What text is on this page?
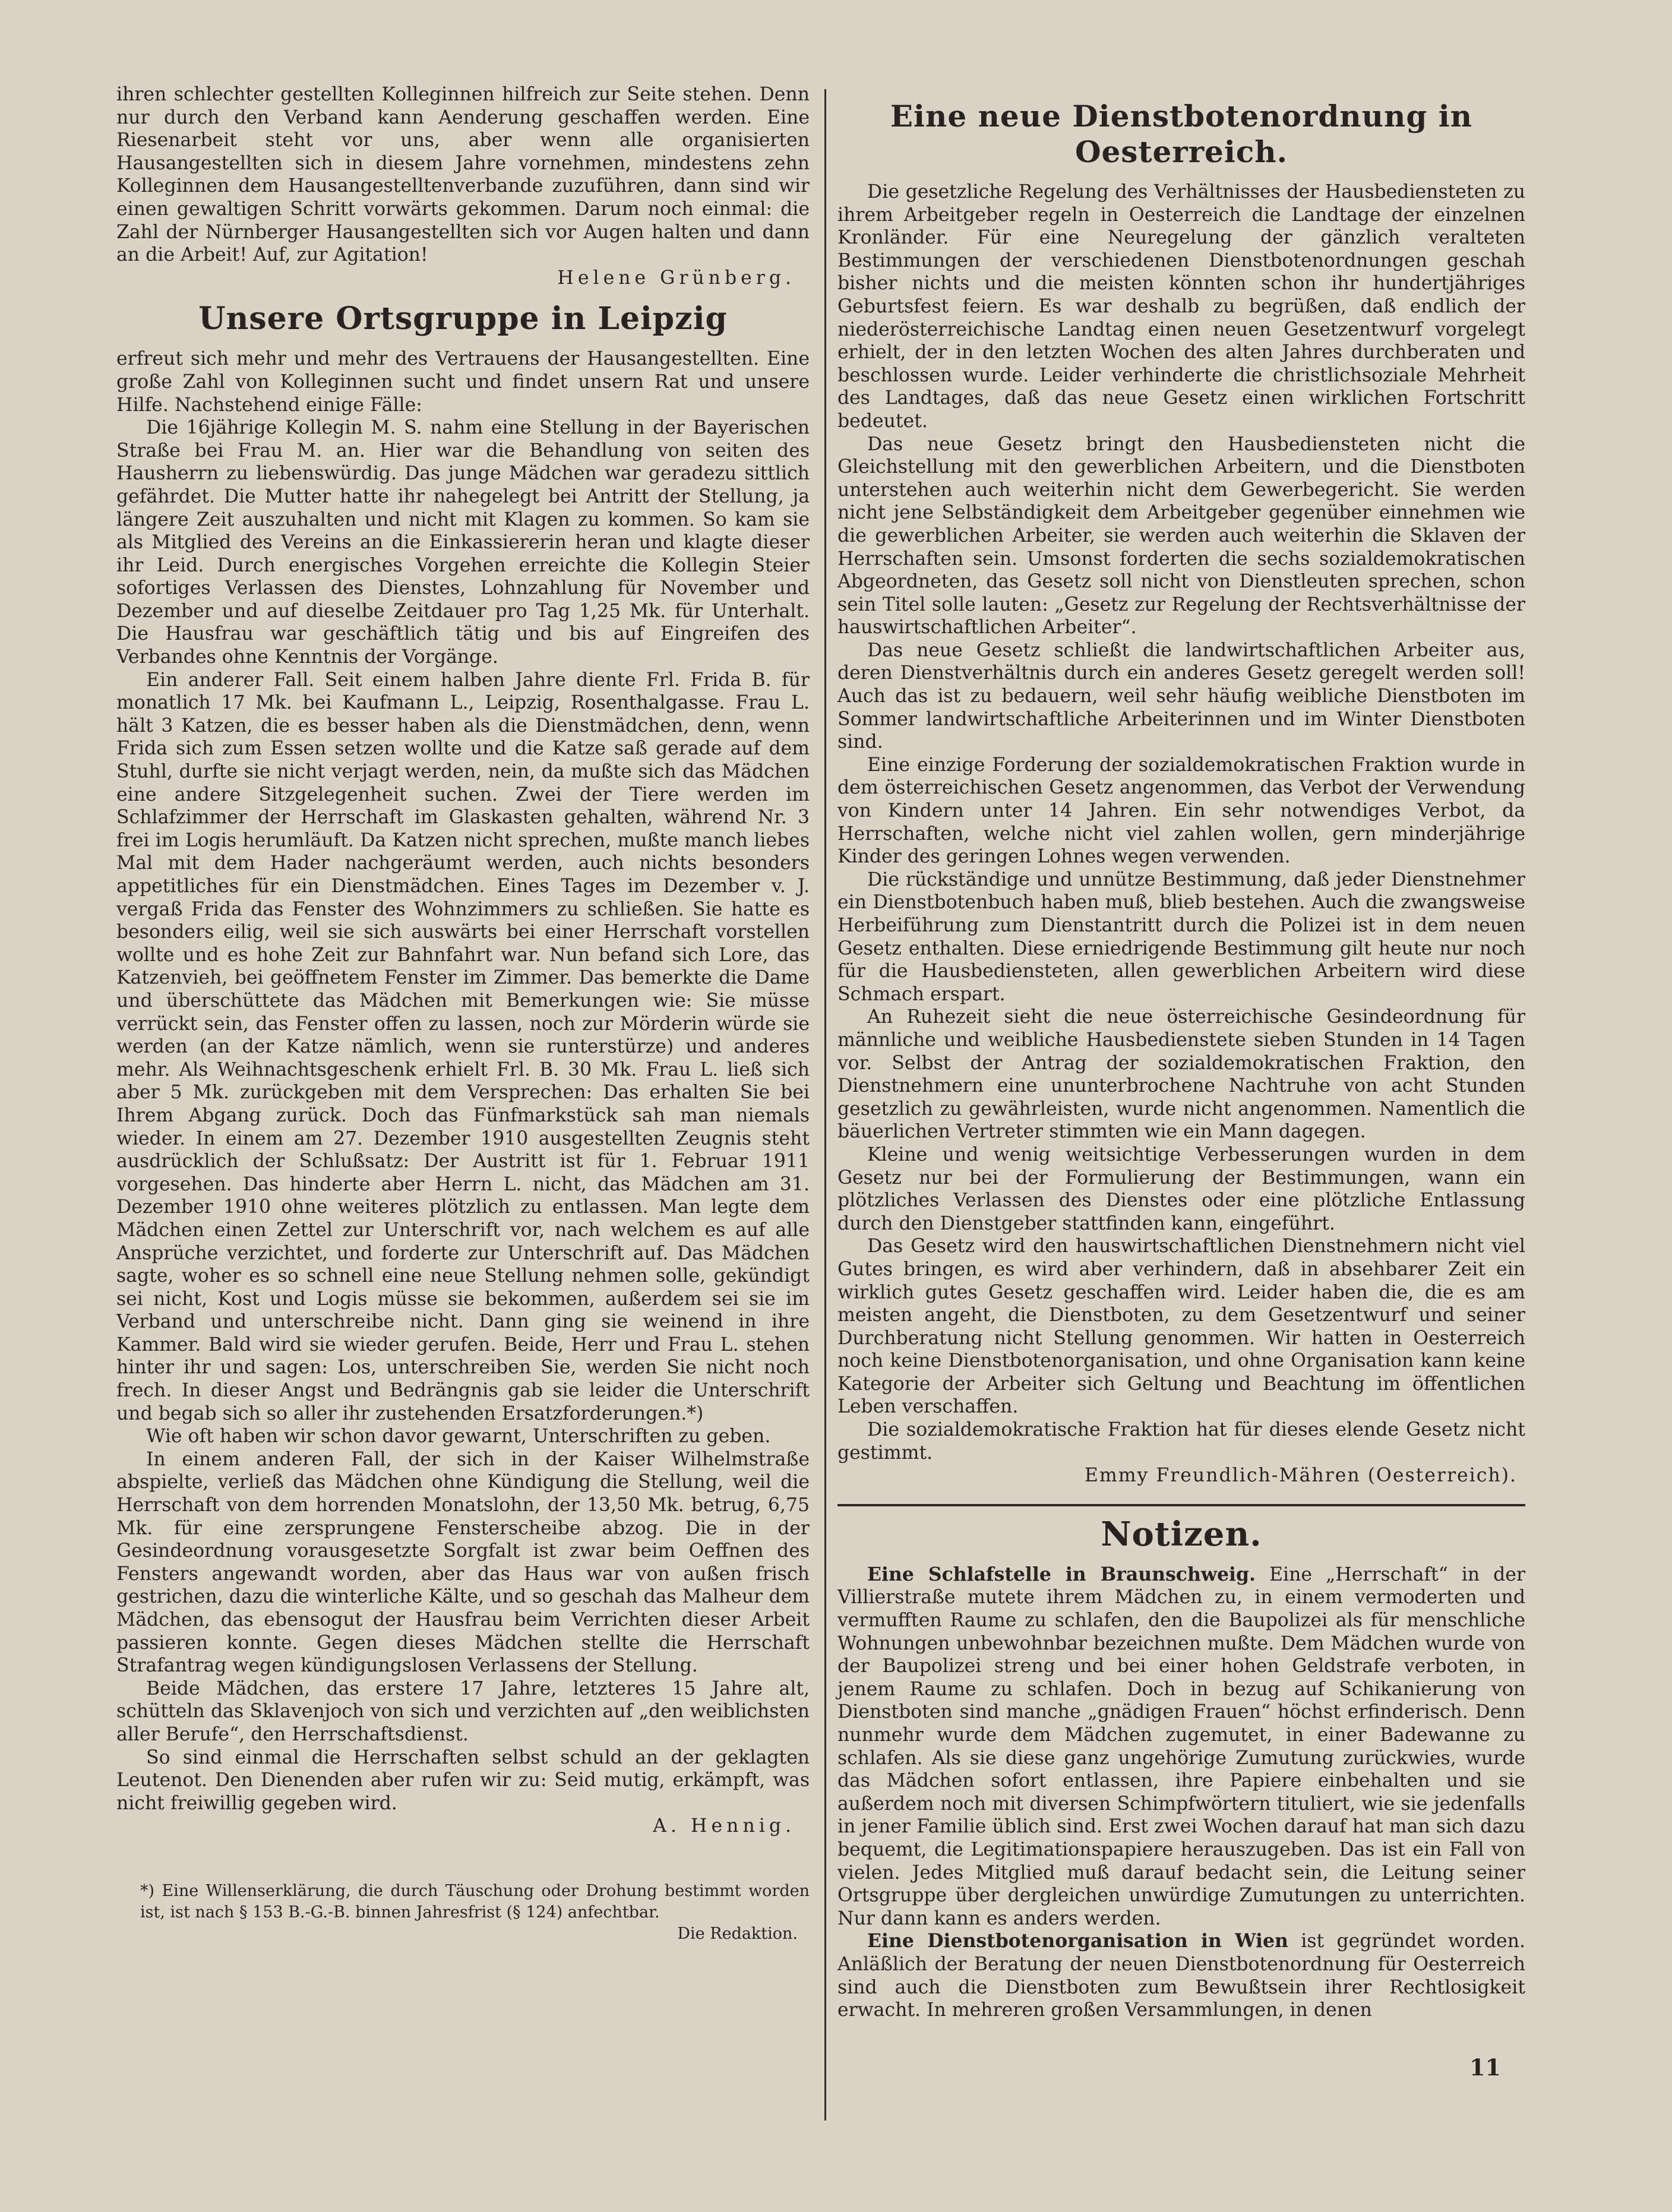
ihren schlechter gestellten Kolleginnen hilfreich zur Seite stehen. Denn nur durch den Verband kann Aenderung geschaffen werden. Eine Riesenarbeit steht vor uns, aber wenn alle organisierten Hausangestellten sich in diesem Jahre vornehmen, mindestens zehn Kolleginnen dem Hausangestelltenverbande zuzuführen, dann sind wir einen gewaltigen Schritt vorwärts gekommen. Darum noch einmal: die Zahl der Nürnberger Hausangestellten sich vor Augen halten und dann an die Arbeit! Auf, zur Agitation!

Helene Grünberg.
Unsere Ortsgruppe in Leipzig

erfreut sich mehr und mehr des Vertrauens der Hausangestellten. Eine große Zahl von Kolleginnen sucht und findet unsern Rat und unsere Hilfe. Nachstehend einige Fälle:

Die 16jährige Kollegin M. S. nahm eine Stellung in der Bayerischen Straße bei Frau M. an. Hier war die Behandlung von seiten des Hausherrn zu liebenswürdig. Das junge Mädchen war geradezu sittlich gefährdet. Die Mutter hatte ihr nahegelegt bei Antritt der Stellung, ja längere Zeit auszuhalten und nicht mit Klagen zu kommen. So kam sie als Mitglied des Vereins an die Einkassiererin heran und klagte dieser ihr Leid. Durch energisches Vorgehen erreichte die Kollegin Steier sofortiges Verlassen des Dienstes, Lohnzahlung für November und Dezember und auf dieselbe Zeitdauer pro Tag 1,25 Mk. für Unterhalt. Die Hausfrau war geschäftlich tätig und bis auf Eingreifen des Verbandes ohne Kenntnis der Vorgänge.

Ein anderer Fall. Seit einem halben Jahre diente Frl. Frida B. für monatlich 17 Mk. bei Kaufmann L., Leipzig, Rosenthalgasse. Frau L. hält 3 Katzen, die es besser haben als die Dienstmädchen, denn, wenn Frida sich zum Essen setzen wollte und die Katze saß gerade auf dem Stuhl, durfte sie nicht verjagt werden, nein, da mußte sich das Mädchen eine andere Sitzgelegenheit suchen. Zwei der Tiere werden im Schlafzimmer der Herrschaft im Glaskasten gehalten, während Nr. 3 frei im Logis herumläuft. Da Katzen nicht sprechen, mußte manch liebes Mal mit dem Hader nachgeräumt werden, auch nichts besonders appetitliches für ein Dienstmädchen. Eines Tages im Dezember v. J. vergaß Frida das Fenster des Wohnzimmers zu schließen. Sie hatte es besonders eilig, weil sie sich auswärts bei einer Herrschaft vorstellen wollte und es hohe Zeit zur Bahnfahrt war. Nun befand sich Lore, das Katzenvieh, bei geöffnetem Fenster im Zimmer. Das bemerkte die Dame und überschüttete das Mädchen mit Bemerkungen wie: Sie müsse verrückt sein, das Fenster offen zu lassen, noch zur Mörderin würde sie werden (an der Katze nämlich, wenn sie runterstürze) und anderes mehr. Als Weihnachtsgeschenk erhielt Frl. B. 30 Mk. Frau L. ließ sich aber 5 Mk. zurückgeben mit dem Versprechen: Das erhalten Sie bei Ihrem Abgang zurück. Doch das Fünfmarkstück sah man niemals wieder. In einem am 27. Dezember 1910 ausgestellten Zeugnis steht ausdrücklich der Schlußsatz: Der Austritt ist für 1. Februar 1911 vorgesehen. Das hinderte aber Herrn L. nicht, das Mädchen am 31. Dezember 1910 ohne weiteres plötzlich zu entlassen. Man legte dem Mädchen einen Zettel zur Unterschrift vor, nach welchem es auf alle Ansprüche verzichtet, und forderte zur Unterschrift auf. Das Mädchen sagte, woher es so schnell eine neue Stellung nehmen solle, gekündigt sei nicht, Kost und Logis müsse sie bekommen, außerdem sei sie im Verband und unterschreibe nicht. Dann ging sie weinend in ihre Kammer. Bald wird sie wieder gerufen. Beide, Herr und Frau L. stehen hinter ihr und sagen: Los, unterschreiben Sie, werden Sie nicht noch frech. In dieser Angst und Bedrängnis gab sie leider die Unterschrift und begab sich so aller ihr zustehenden Ersatzforderungen.*)

Wie oft haben wir schon davor gewarnt, Unterschriften zu geben.

In einem anderen Fall, der sich in der Kaiser Wilhelmstraße abspielte, verließ das Mädchen ohne Kündigung die Stellung, weil die Herrschaft von dem horrenden Monatslohn, der 13,50 Mk. betrug, 6,75 Mk. für eine zersprungene Fensterscheibe abzog. Die in der Gesindeordnung vorausgesetzte Sorgfalt ist zwar beim Oeffnen des Fensters angewandt worden, aber das Haus war von außen frisch gestrichen, dazu die winterliche Kälte, und so geschah das Malheur dem Mädchen, das ebensogut der Hausfrau beim Verrichten dieser Arbeit passieren konnte. Gegen dieses Mädchen stellte die Herrschaft Strafantrag wegen kündigungslosen Verlassens der Stellung.

Beide Mädchen, das erstere 17 Jahre, letzteres 15 Jahre alt, schütteln das Sklavenjoch von sich und verzichten auf „den weiblichsten aller Berufe“, den Herrschaftsdienst.

So sind einmal die Herrschaften selbst schuld an der geklagten Leutenot. Den Dienenden aber rufen wir zu: Seid mutig, erkämpft, was nicht freiwillig gegeben wird.

A. Hennig.
*) Eine Willenserklärung, die durch Täuschung oder Drohung bestimmt worden ist, ist nach § 153 B.-G.-B. binnen Jahresfrist (§ 124) anfechtbar.
Die Redaktion.
Eine neue Dienstbotenordnung in Oesterreich.

Die gesetzliche Regelung des Verhältnisses der Hausbediensteten zu ihrem Arbeitgeber regeln in Oesterreich die Landtage der einzelnen Kronländer. Für eine Neuregelung der gänzlich veralteten Bestimmungen der verschiedenen Dienstbotenordnungen geschah bisher nichts und die meisten könnten schon ihr hundertjähriges Geburtsfest feiern. Es war deshalb zu begrüßen, daß endlich der niederösterreichische Landtag einen neuen Gesetzentwurf vorgelegt erhielt, der in den letzten Wochen des alten Jahres durchberaten und beschlossen wurde. Leider verhinderte die christlichsoziale Mehrheit des Landtages, daß das neue Gesetz einen wirklichen Fortschritt bedeutet.

Das neue Gesetz bringt den Hausbediensteten nicht die Gleichstellung mit den gewerblichen Arbeitern, und die Dienstboten unterstehen auch weiterhin nicht dem Gewerbegericht. Sie werden nicht jene Selbständigkeit dem Arbeitgeber gegenüber einnehmen wie die gewerblichen Arbeiter, sie werden auch weiterhin die Sklaven der Herrschaften sein. Umsonst forderten die sechs sozialdemokratischen Abgeordneten, das Gesetz soll nicht von Dienstleuten sprechen, schon sein Titel solle lauten: „Gesetz zur Regelung der Rechtsverhältnisse der hauswirtschaftlichen Arbeiter“.

Das neue Gesetz schließt die landwirtschaftlichen Arbeiter aus, deren Dienstverhältnis durch ein anderes Gesetz geregelt werden soll! Auch das ist zu bedauern, weil sehr häufig weibliche Dienstboten im Sommer landwirtschaftliche Arbeiterinnen und im Winter Dienstboten sind.

Eine einzige Forderung der sozialdemokratischen Fraktion wurde in dem österreichischen Gesetz angenommen, das Verbot der Verwendung von Kindern unter 14 Jahren. Ein sehr notwendiges Verbot, da Herrschaften, welche nicht viel zahlen wollen, gern minderjährige Kinder des geringen Lohnes wegen verwenden.

Die rückständige und unnütze Bestimmung, daß jeder Dienstnehmer ein Dienstbotenbuch haben muß, blieb bestehen. Auch die zwangsweise Herbeiführung zum Dienstantritt durch die Polizei ist in dem neuen Gesetz enthalten. Diese erniedrigende Bestimmung gilt heute nur noch für die Hausbediensteten, allen gewerblichen Arbeitern wird diese Schmach erspart.

An Ruhezeit sieht die neue österreichische Gesindeordnung für männliche und weibliche Hausbedienstete sieben Stunden in 14 Tagen vor. Selbst der Antrag der sozialdemokratischen Fraktion, den Dienstnehmern eine ununterbrochene Nachtruhe von acht Stunden gesetzlich zu gewährleisten, wurde nicht angenommen. Namentlich die bäuerlichen Vertreter stimmten wie ein Mann dagegen.

Kleine und wenig weitsichtige Verbesserungen wurden in dem Gesetz nur bei der Formulierung der Bestimmungen, wann ein plötzliches Verlassen des Dienstes oder eine plötzliche Entlassung durch den Dienstgeber stattfinden kann, eingeführt.

Das Gesetz wird den hauswirtschaftlichen Dienstnehmern nicht viel Gutes bringen, es wird aber verhindern, daß in absehbarer Zeit ein wirklich gutes Gesetz geschaffen wird. Leider haben die, die es am meisten angeht, die Dienstboten, zu dem Gesetzentwurf und seiner Durchberatung nicht Stellung genommen. Wir hatten in Oesterreich noch keine Dienstbotenorganisation, und ohne Organisation kann keine Kategorie der Arbeiter sich Geltung und Beachtung im öffentlichen Leben verschaffen.

Die sozialdemokratische Fraktion hat für dieses elende Gesetz nicht gestimmt.

Emmy Freundlich-Mähren (Oesterreich).
Notizen.

Eine Schlafstelle in Braunschweig. Eine „Herrschaft“ in der Villierstraße mutete ihrem Mädchen zu, in einem vermoderten und vermufften Raume zu schlafen, den die Baupolizei als für menschliche Wohnungen unbewohnbar bezeichnen mußte. Dem Mädchen wurde von der Baupolizei streng und bei einer hohen Geldstrafe verboten, in jenem Raume zu schlafen. Doch in bezug auf Schikanierung von Dienstboten sind manche „gnädigen Frauen“ höchst erfinderisch. Denn nunmehr wurde dem Mädchen zugemutet, in einer Badewanne zu schlafen. Als sie diese ganz ungehörige Zumutung zurückwies, wurde das Mädchen sofort entlassen, ihre Papiere einbehalten und sie außerdem noch mit diversen Schimpfwörtern tituliert, wie sie jedenfalls in jener Familie üblich sind. Erst zwei Wochen darauf hat man sich dazu bequemt, die Legitimationspapiere herauszugeben. Das ist ein Fall von vielen. Jedes Mitglied muß darauf bedacht sein, die Leitung seiner Ortsgruppe über dergleichen unwürdige Zumutungen zu unterrichten. Nur dann kann es anders werden.

Eine Dienstbotenorganisation in Wien ist gegründet worden. Anläßlich der Beratung der neuen Dienstbotenordnung für Oesterreich sind auch die Dienstboten zum Bewußtsein ihrer Rechtlosigkeit erwacht. In mehreren großen Versammlungen, in denen

11
